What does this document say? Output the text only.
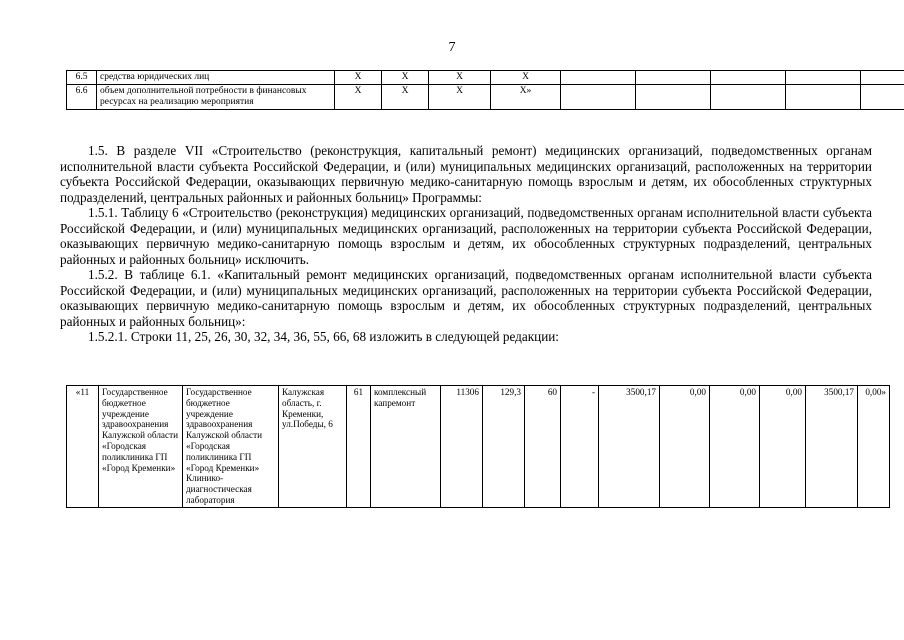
7
6.5	средства юридических лиц	Х	Х	Х	Х					
6.6	объем дополнительной потребности в финансовых ресурсах на реализацию мероприятия	Х	Х	Х	Х»					

1.5. В разделе VII «Строительство (реконструкция, капитальный ремонт) медицинских организаций, подведомственных органам исполнительной власти субъекта Российской Федерации, и (или) муниципальных медицинских организаций, расположенных на территории субъекта Российской Федерации, оказывающих первичную медико-санитарную помощь взрослым и детям, их обособленных структурных подразделений, центральных районных и районных больниц» Программы:

1.5.1. Таблицу 6 «Строительство (реконструкция) медицинских организаций, подведомственных органам исполнительной власти субъекта Российской Федерации, и (или) муниципальных медицинских организаций, расположенных на территории субъекта Российской Федерации, оказывающих первичную медико-санитарную помощь взрослым и детям, их обособленных структурных подразделений, центральных районных и районных больниц» исключить.

1.5.2. В таблице 6.1. «Капитальный ремонт медицинских организаций, подведомственных органам исполнительной власти субъекта Российской Федерации, и (или) муниципальных медицинских организаций, расположенных на территории субъекта Российской Федерации, оказывающих первичную медико-санитарную помощь взрослым и детям, их обособленных структурных подразделений, центральных районных и районных больниц»:

1.5.2.1. Строки 11, 25, 26, 30, 32, 34, 36, 55, 66, 68 изложить в следующей редакции:

«11	Государственное бюджетное учреждение здравоохранения Калужской области «Городская поликлиника ГП «Город Кременки»	Государственное бюджетное учреждение здравоохранения Калужской области «Городская поликлиника ГП «Город Кременки» Клинико-диагностическая лаборатория	Калужская область, г. Кременки, ул.Победы, 6	61	комплексный капремонт	11306	129,3	60	-	3500,17	0,00	0,00	0,00	3500,17	0,00»
